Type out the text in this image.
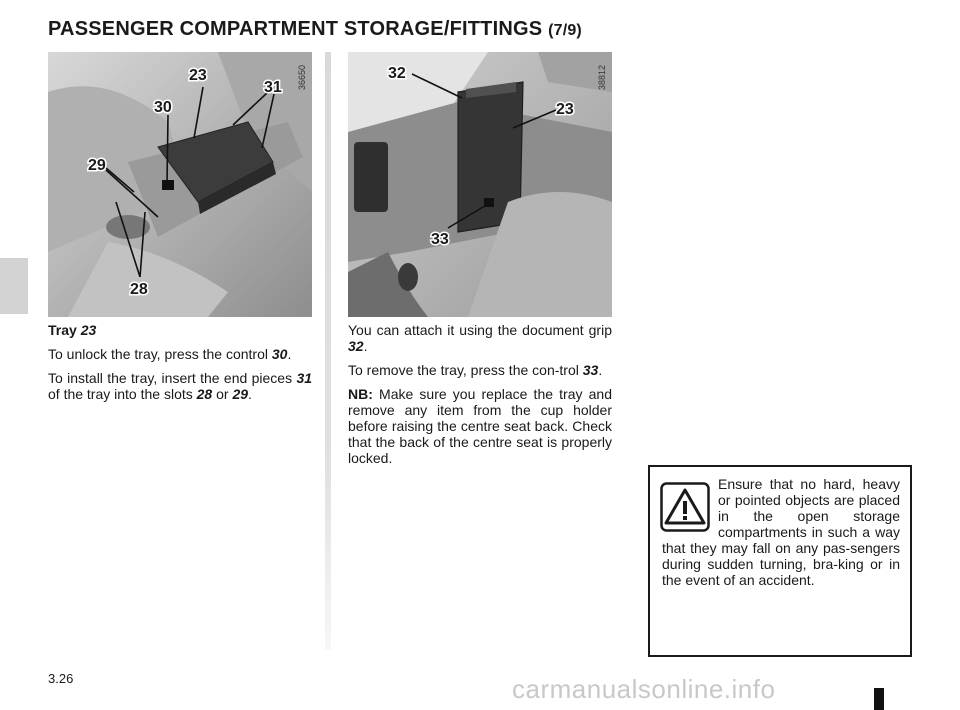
PASSENGER COMPARTMENT STORAGE/FITTINGS (7/9)
23
31
30
29
28
36650	32
23
33
38812

Tray 23

To unlock the tray, press the control 30.

To install the tray, insert the end pieces 31 of the tray into the slots 28 or 29.

You can attach it using the document grip 32.

To remove the tray, press the con-trol 33.

NB: Make sure you replace the tray and remove any item from the cup holder before raising the centre seat back. Check that the back of the centre seat is properly locked.

Ensure that no hard, heavy or pointed objects are placed in the open storage compartments in such a way that they may fall on any pas-sengers during sudden turning, bra-king or in the event of an accident.
3.26	carmanualsonline.info
